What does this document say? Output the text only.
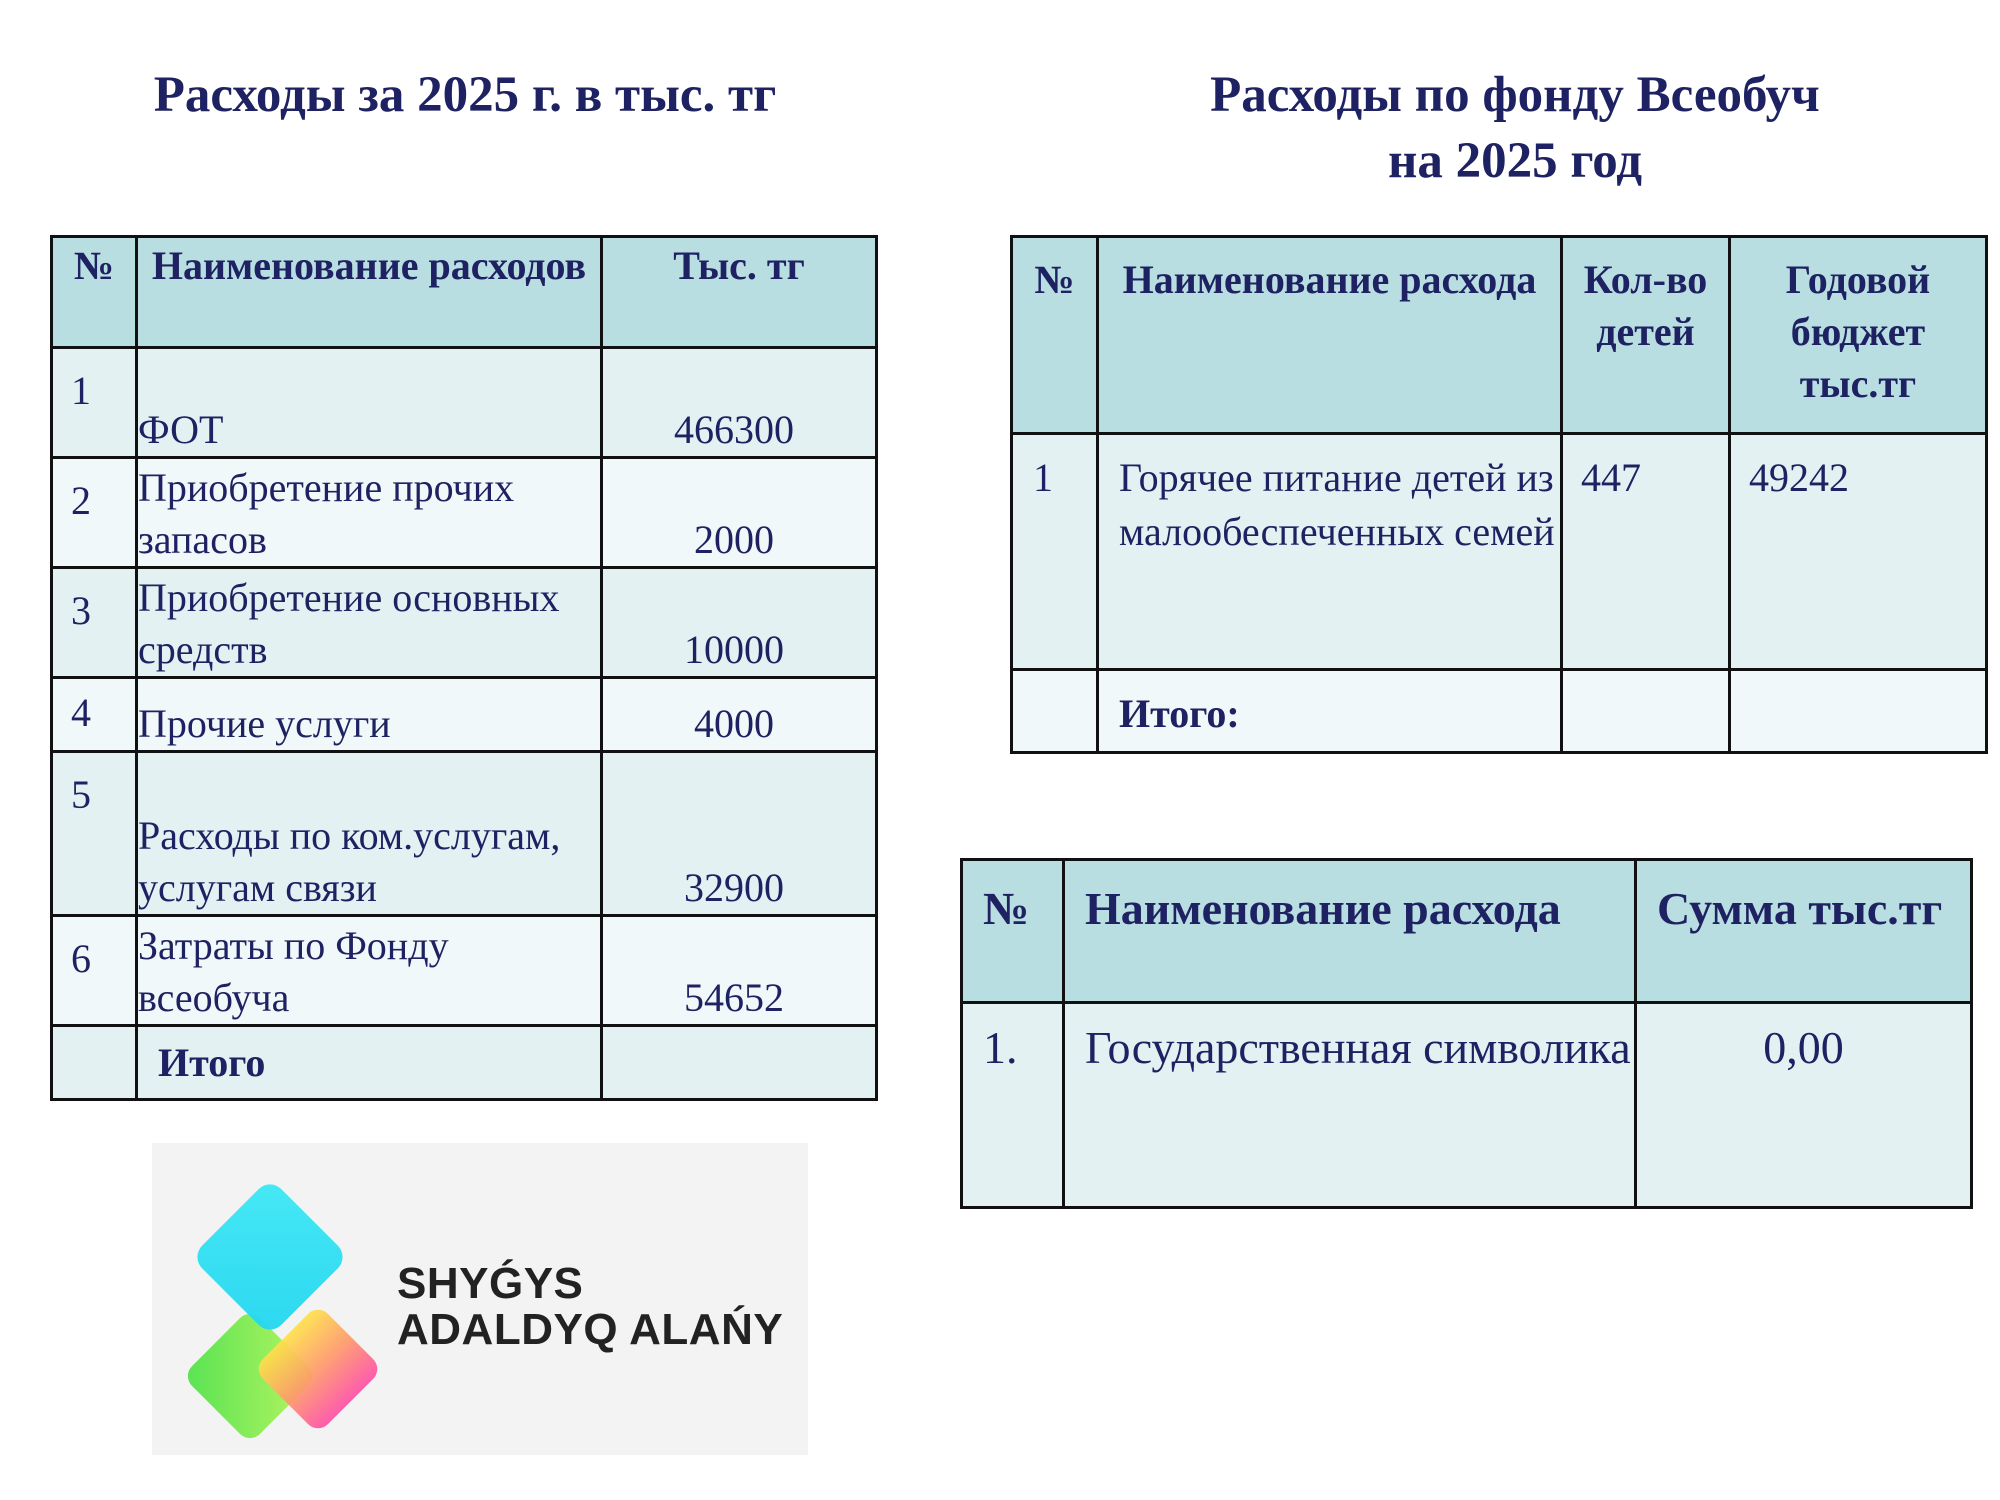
Расходы за 2025 г. в тыс. тг	Расходы по фонду Всеобуч
на 2025 год
№	Наименование расходов	Тыс. тг
1	ФОТ	466300
2	Приобретение прочих запасов	2000
3	Приобретение основных средств	10000
4	Прочие услуги	4000
5	Расходы по ком.услугам, услугам связи	32900
6	Затраты по Фонду всеобуча	54652
	Итого	
№	Наименование расхода	Кол-во детей	Годовой бюджет тыс.тг
1	Горячее питание детей из малообеспеченных семей	447	49242
	Итого:		
№	Наименование расхода	Сумма тыс.тг
1.	Государственная символика	0,00
SHYǴYS
ADALDYQ ALAŃY
